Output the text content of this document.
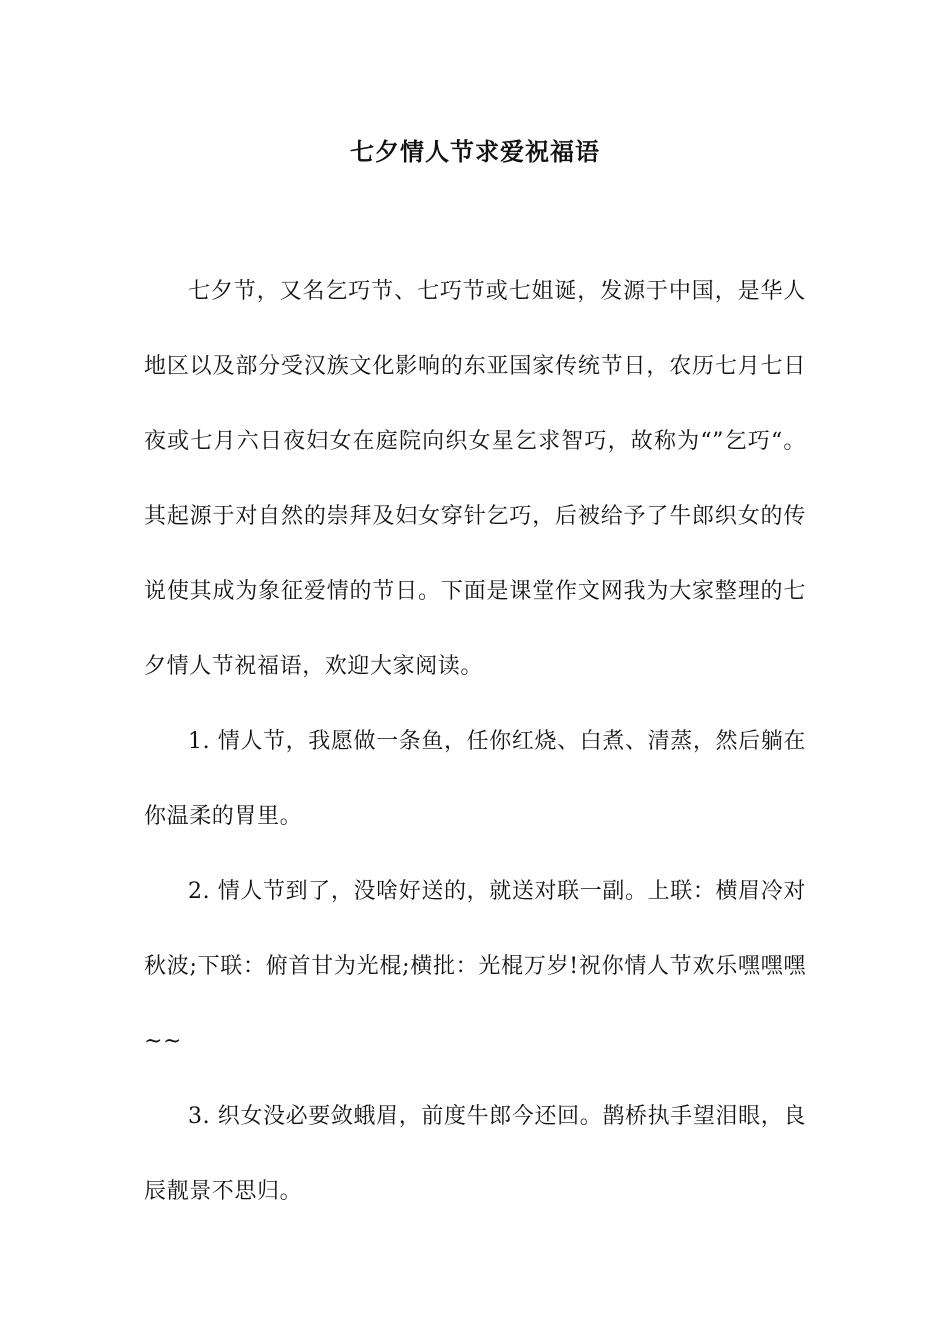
七夕情人节求爱祝福语

七夕节，又名乞巧节、七巧节或七姐诞，发源于中国，是华人地区以及部分受汉族文化影响的东亚国家传统节日，农历七月七日夜或七月六日夜妇女在庭院向织女星乞求智巧，故称为“”乞巧“。其起源于对自然的崇拜及妇女穿针乞巧，后被给予了牛郎织女的传说使其成为象征爱情的节日。下面是课堂作文网我为大家整理的七夕情人节祝福语，欢迎大家阅读。

1. 情人节，我愿做一条鱼，任你红烧、白煮、清蒸，然后躺在你温柔的胃里。

2. 情人节到了，没啥好送的，就送对联一副。上联：横眉冷对秋波;下联：俯首甘为光棍;横批：光棍万岁!祝你情人节欢乐嘿嘿嘿~~

3. 织女没必要敛蛾眉，前度牛郎今还回。鹊桥执手望泪眼，良辰靓景不思归。
